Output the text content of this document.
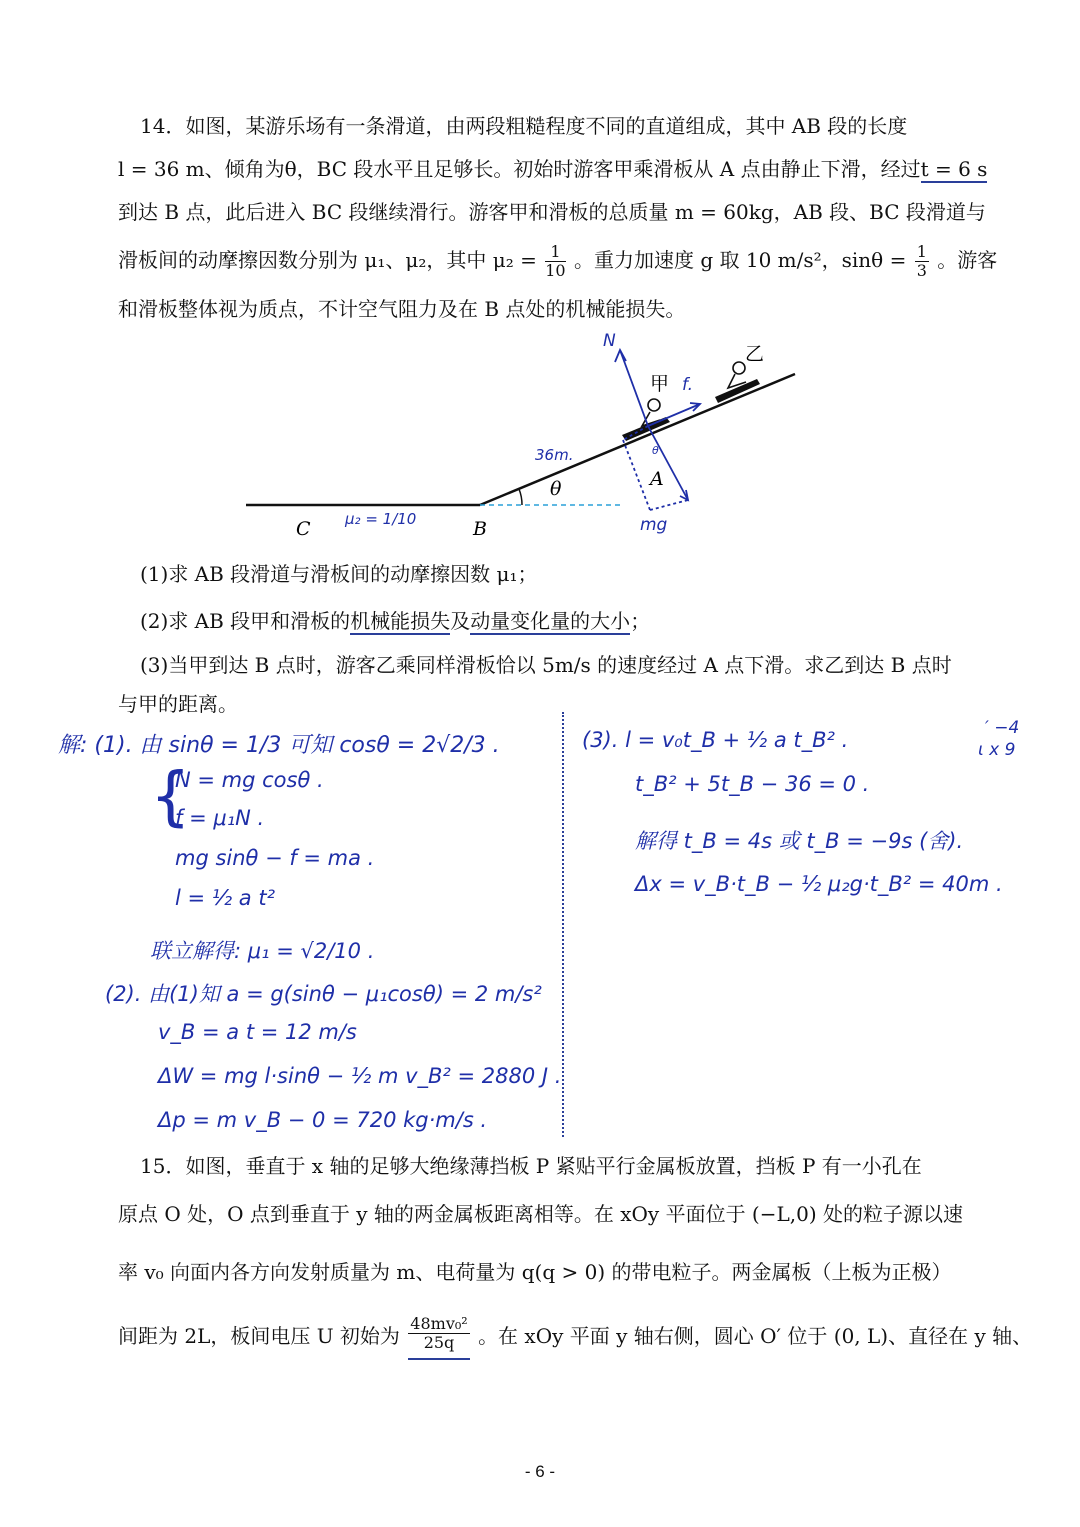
14．如图，某游乐场有一条滑道，由两段粗糙程度不同的直道组成，其中 AB 段的长度
l = 36 m、倾角为θ，BC 段水平且足够长。初始时游客甲乘滑板从 A 点由静止下滑，经过t = 6 s
到达 B 点，此后进入 BC 段继续滑行。游客甲和滑板的总质量 m = 60kg，AB 段、BC 段滑道与
滑板间的动摩擦因数分别为 μ₁、μ₂，其中 $\mu_2 = \frac{1}{10}$ 。重力加速度 g 取 10 m/s²，$\sin\theta = \frac{1}{3}$ 。游客
和滑板整体视为质点，不计空气阻力及在 B 点处的机械能损失。
θ
C	B
A
μ₂ = 1/10
36m.
甲
乙
N
f.
mg
θ
(1)求 AB 段滑道与滑板间的动摩擦因数 μ₁；
(2)求 AB 段甲和滑板的机械能损失及动量变化量的大小；
(3)当甲到达 B 点时，游客乙乘同样滑板恰以 5m/s 的速度经过 A 点下滑。求乙到达 B 点时
与甲的距离。
解: (1). 由 sinθ = 1/3 可知 cosθ = 2√2/3 .
{
N = mg cosθ .
f = μ₁N .
mg sinθ − f = ma .
l = ½ a t²
联立解得: μ₁ = √2/10 .
(2). 由(1)知 a = g(sinθ − μ₁cosθ) = 2 m/s²
v_B = a t = 12 m/s
ΔW = mg l·sinθ − ½ m v_B² = 2880 J .
Δp = m v_B − 0 = 720 kg·m/s .
(3). l = v₀t_B + ½ a t_B² .
t_B² + 5t_B − 36 = 0 .
解得 t_B = 4s 或 t_B = −9s (舍).
Δx = v_B·t_B − ½ μ₂g·t_B² = 40m .
′ −4
ι x 9
15．如图，垂直于 x 轴的足够大绝缘薄挡板 P 紧贴平行金属板放置，挡板 P 有一小孔在
原点 O 处，O 点到垂直于 y 轴的两金属板距离相等。在 xOy 平面位于 (−L,0) 处的粒子源以速
率 v₀ 向面内各方向发射质量为 m、电荷量为 q(q > 0) 的带电粒子。两金属板（上板为正极）
间距为 2L，板间电压 U 初始为 $\frac{\text{48mv₀²}}{25q}$ 。在 xOy 平面 y 轴右侧，圆心 O′ 位于 (0, L)、直径在 y 轴、
- 6 -
